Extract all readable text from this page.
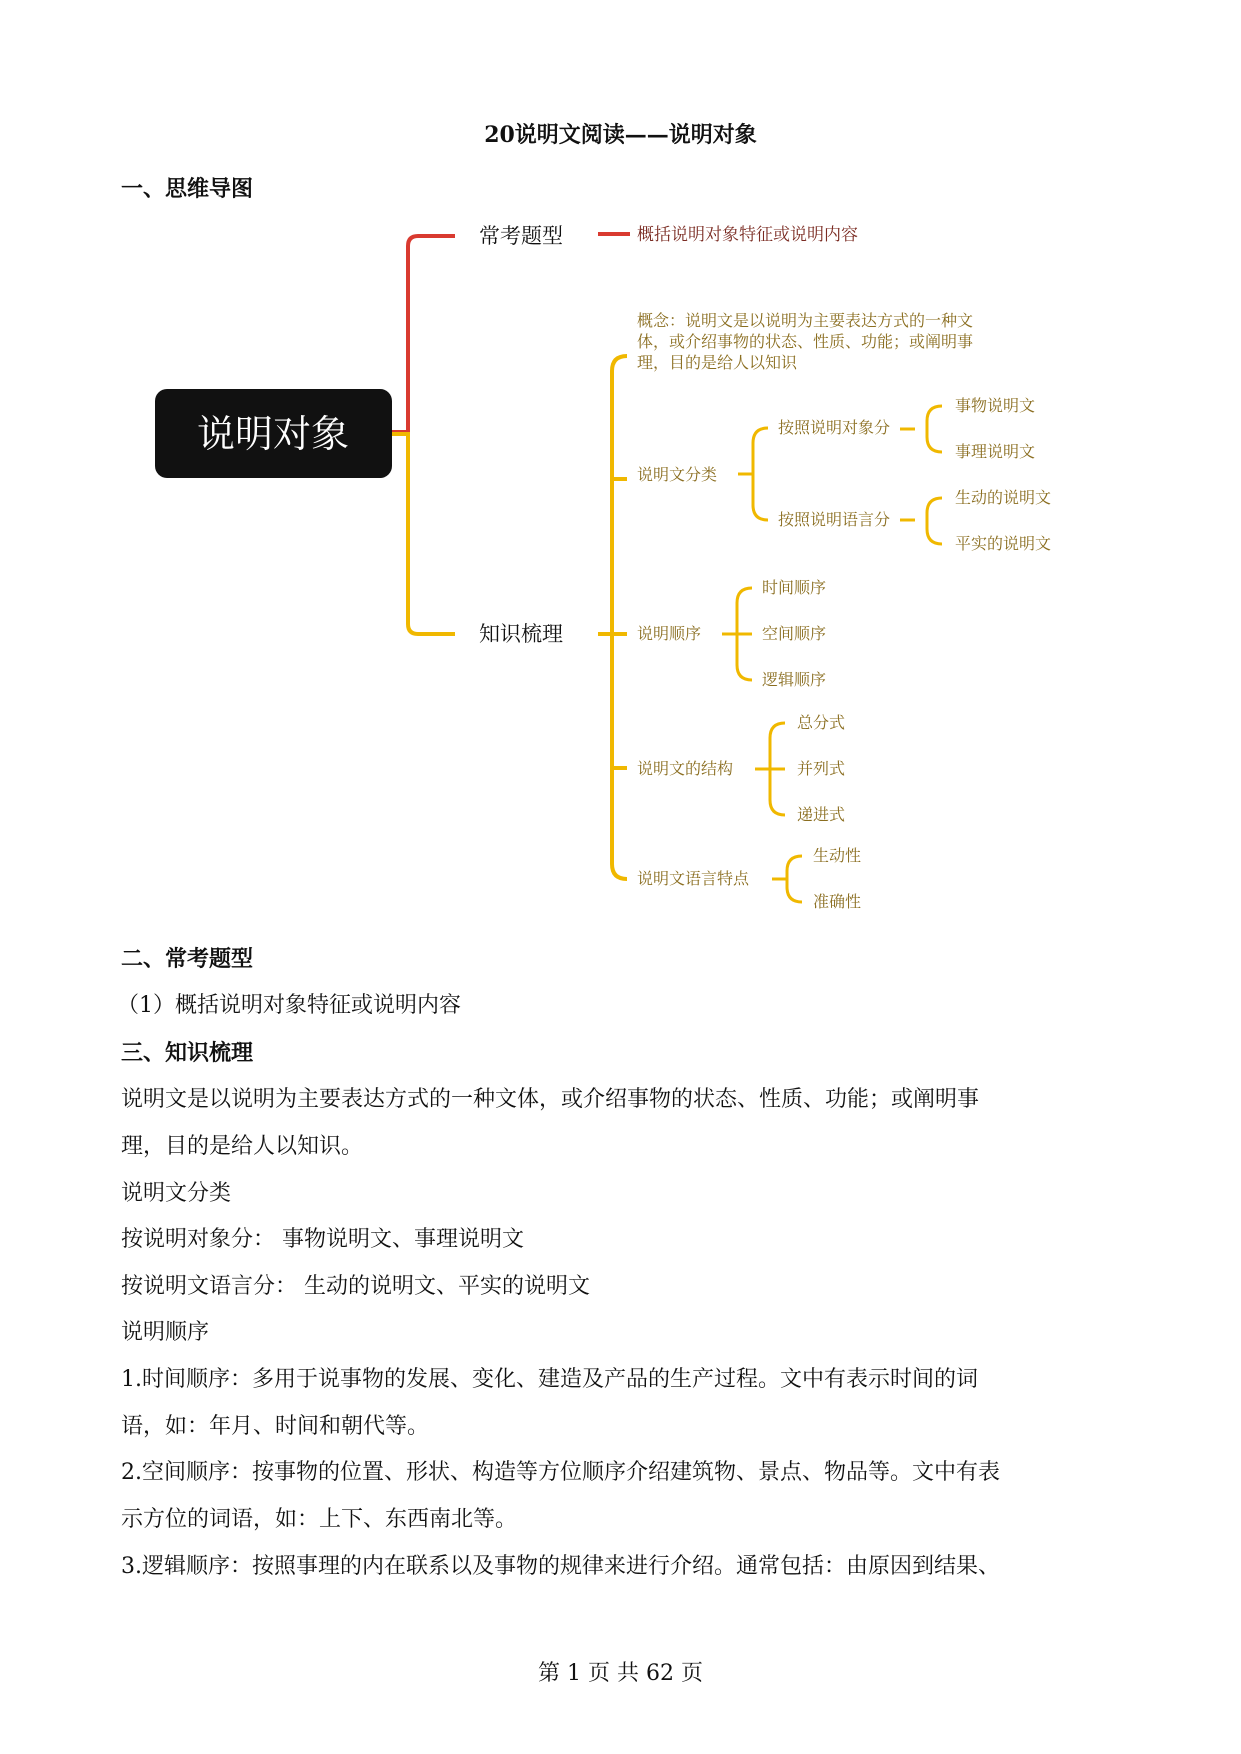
20说明文阅读——说明对象
一、思维导图
说明对象
常考题型	概括说明对象特征或说明内容
知识梳理
概念：说明文是以说明为主要表达方式的一种文 体，或介绍事物的状态、性质、功能；或阐明事 理，目的是给人以知识
说明文分类
按照说明对象分
事物说明文
事理说明文
按照说明语言分
生动的说明文
平实的说明文
说明顺序
时间顺序
空间顺序
逻辑顺序
说明文的结构
总分式
并列式
递进式
说明文语言特点
生动性
准确性
二、常考题型
（1）概括说明对象特征或说明内容
三、知识梳理
说明文是以说明为主要表达方式的一种文体，或介绍事物的状态、性质、功能；或阐明事
理，目的是给人以知识。
说明文分类
按说明对象分： 事物说明文、事理说明文
按说明文语言分： 生动的说明文、平实的说明文
说明顺序
1.时间顺序：多用于说事物的发展、变化、建造及产品的生产过程。文中有表示时间的词
语，如：年月、时间和朝代等。
2.空间顺序：按事物的位置、形状、构造等方位顺序介绍建筑物、景点、物品等。文中有表
示方位的词语，如：上下、东西南北等。
3.逻辑顺序：按照事理的内在联系以及事物的规律来进行介绍。通常包括：由原因到结果、
第 1 页 共 62 页
